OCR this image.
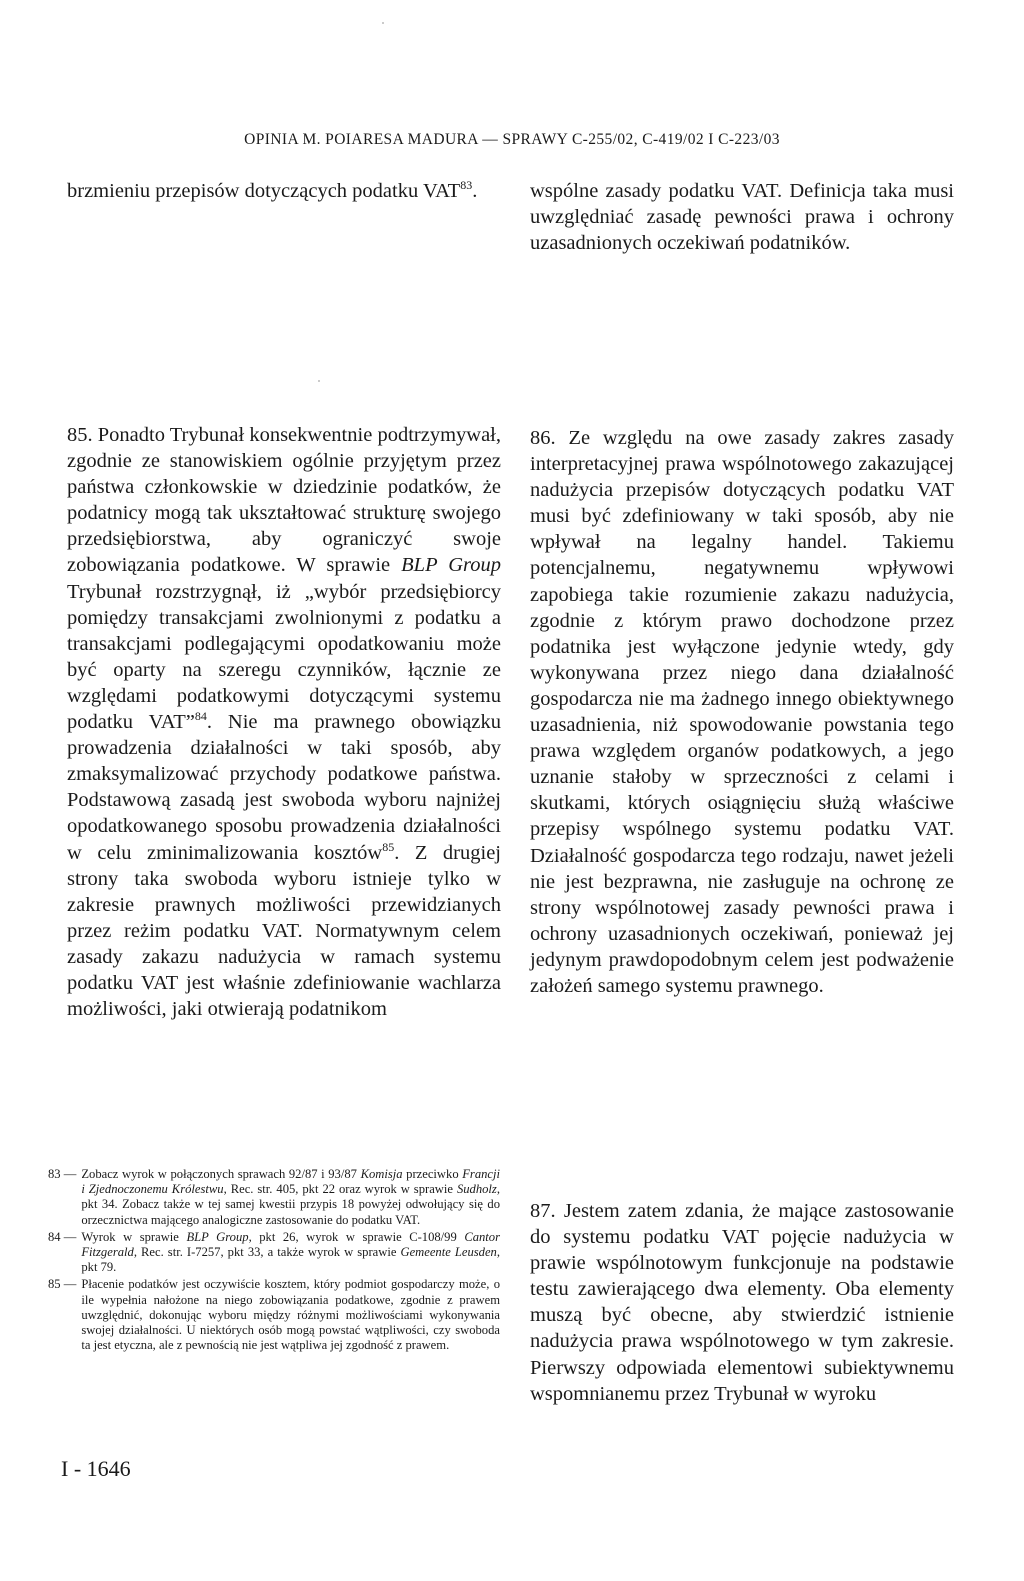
OPINIA M. POIARESA MADURA — SPRAWY C-255/02, C-419/02 I C-223/03

brzmieniu przepisów dotyczących podatku VAT$^{83}$.	wspólne zasady podatku VAT. Definicja taka musi uwzględniać zasadę pewności prawa i ochrony uzasadnionych oczekiwań podatników.

85. Ponadto Trybunał konsekwentnie podtrzymywał, zgodnie ze stanowiskiem ogólnie przyjętym przez państwa członkowskie w dziedzinie podatków, że podatnicy mogą tak ukształtować strukturę swojego przedsiębiorstwa, aby ograniczyć swoje zobowiązania podatkowe. W sprawie BLP Group Trybunał rozstrzygnął, iż „wybór przedsiębiorcy pomiędzy transakcjami zwolnionymi z podatku a transakcjami podlegającymi opodatkowaniu może być oparty na szeregu czynników, łącznie ze względami podatkowymi dotyczącymi systemu podatku VAT”$^{84}$. Nie ma prawnego obowiązku prowadzenia działalności w taki sposób, aby zmaksymalizować przychody podatkowe państwa. Podstawową zasadą jest swoboda wyboru najniżej opodatkowanego sposobu prowadzenia działalności w celu zminimalizowania kosztów$^{85}$. Z drugiej strony taka swoboda wyboru istnieje tylko w zakresie prawnych możliwości przewidzianych przez reżim podatku VAT. Normatywnym celem zasady zakazu nadużycia w ramach systemu podatku VAT jest właśnie zdefiniowanie wachlarza możliwości, jaki otwierają podatnikom

86. Ze względu na owe zasady zakres zasady interpretacyjnej prawa wspólnotowego zakazującej nadużycia przepisów dotyczących podatku VAT musi być zdefiniowany w taki sposób, aby nie wpływał na legalny handel. Takiemu potencjalnemu, negatywnemu wpływowi zapobiega takie rozumienie zakazu nadużycia, zgodnie z którym prawo dochodzone przez podatnika jest wyłączone jedynie wtedy, gdy wykonywana przez niego dana działalność gospodarcza nie ma żadnego innego obiektywnego uzasadnienia, niż spowodowanie powstania tego prawa względem organów podatkowych, a jego uznanie stałoby w sprzeczności z celami i skutkami, których osiągnięciu służą właściwe przepisy wspólnego systemu podatku VAT. Działalność gospodarcza tego rodzaju, nawet jeżeli nie jest bezprawna, nie zasługuje na ochronę ze strony wspólnotowej zasady pewności prawa i ochrony uzasadnionych oczekiwań, ponieważ jej jedynym prawdopodobnym celem jest podważenie założeń samego systemu prawnego.

83 — Zobacz wyrok w połączonych sprawach 92/87 i 93/87 Komisja przeciwko Francji i Zjednoczonemu Królestwu, Rec. str. 405, pkt 22 oraz wyrok w sprawie Sudholz, pkt 34. Zobacz także w tej samej kwestii przypis 18 powyżej odwołujący się do orzecznictwa mającego analogiczne zastosowanie do podatku VAT.
84 — Wyrok w sprawie BLP Group, pkt 26, wyrok w sprawie C-108/99 Cantor Fitzgerald, Rec. str. I-7257, pkt 33, a także wyrok w sprawie Gemeente Leusden, pkt 79.
85 — Płacenie podatków jest oczywiście kosztem, który podmiot gospodarczy może, o ile wypełnia nałożone na niego zobowiązania podatkowe, zgodnie z prawem uwzględnić, dokonując wyboru między różnymi możliwościami wykonywania swojej działalności. U niektórych osób mogą powstać wątpliwości, czy swoboda ta jest etyczna, ale z pewnością nie jest wątpliwa jej zgodność z prawem.

87. Jestem zatem zdania, że mające zastosowanie do systemu podatku VAT pojęcie nadużycia w prawie wspólnotowym funkcjonuje na podstawie testu zawierającego dwa elementy. Oba elementy muszą być obecne, aby stwierdzić istnienie nadużycia prawa wspólnotowego w tym zakresie. Pierwszy odpowiada elementowi subiektywnemu wspomnianemu przez Trybunał w wyroku

I - 1646
